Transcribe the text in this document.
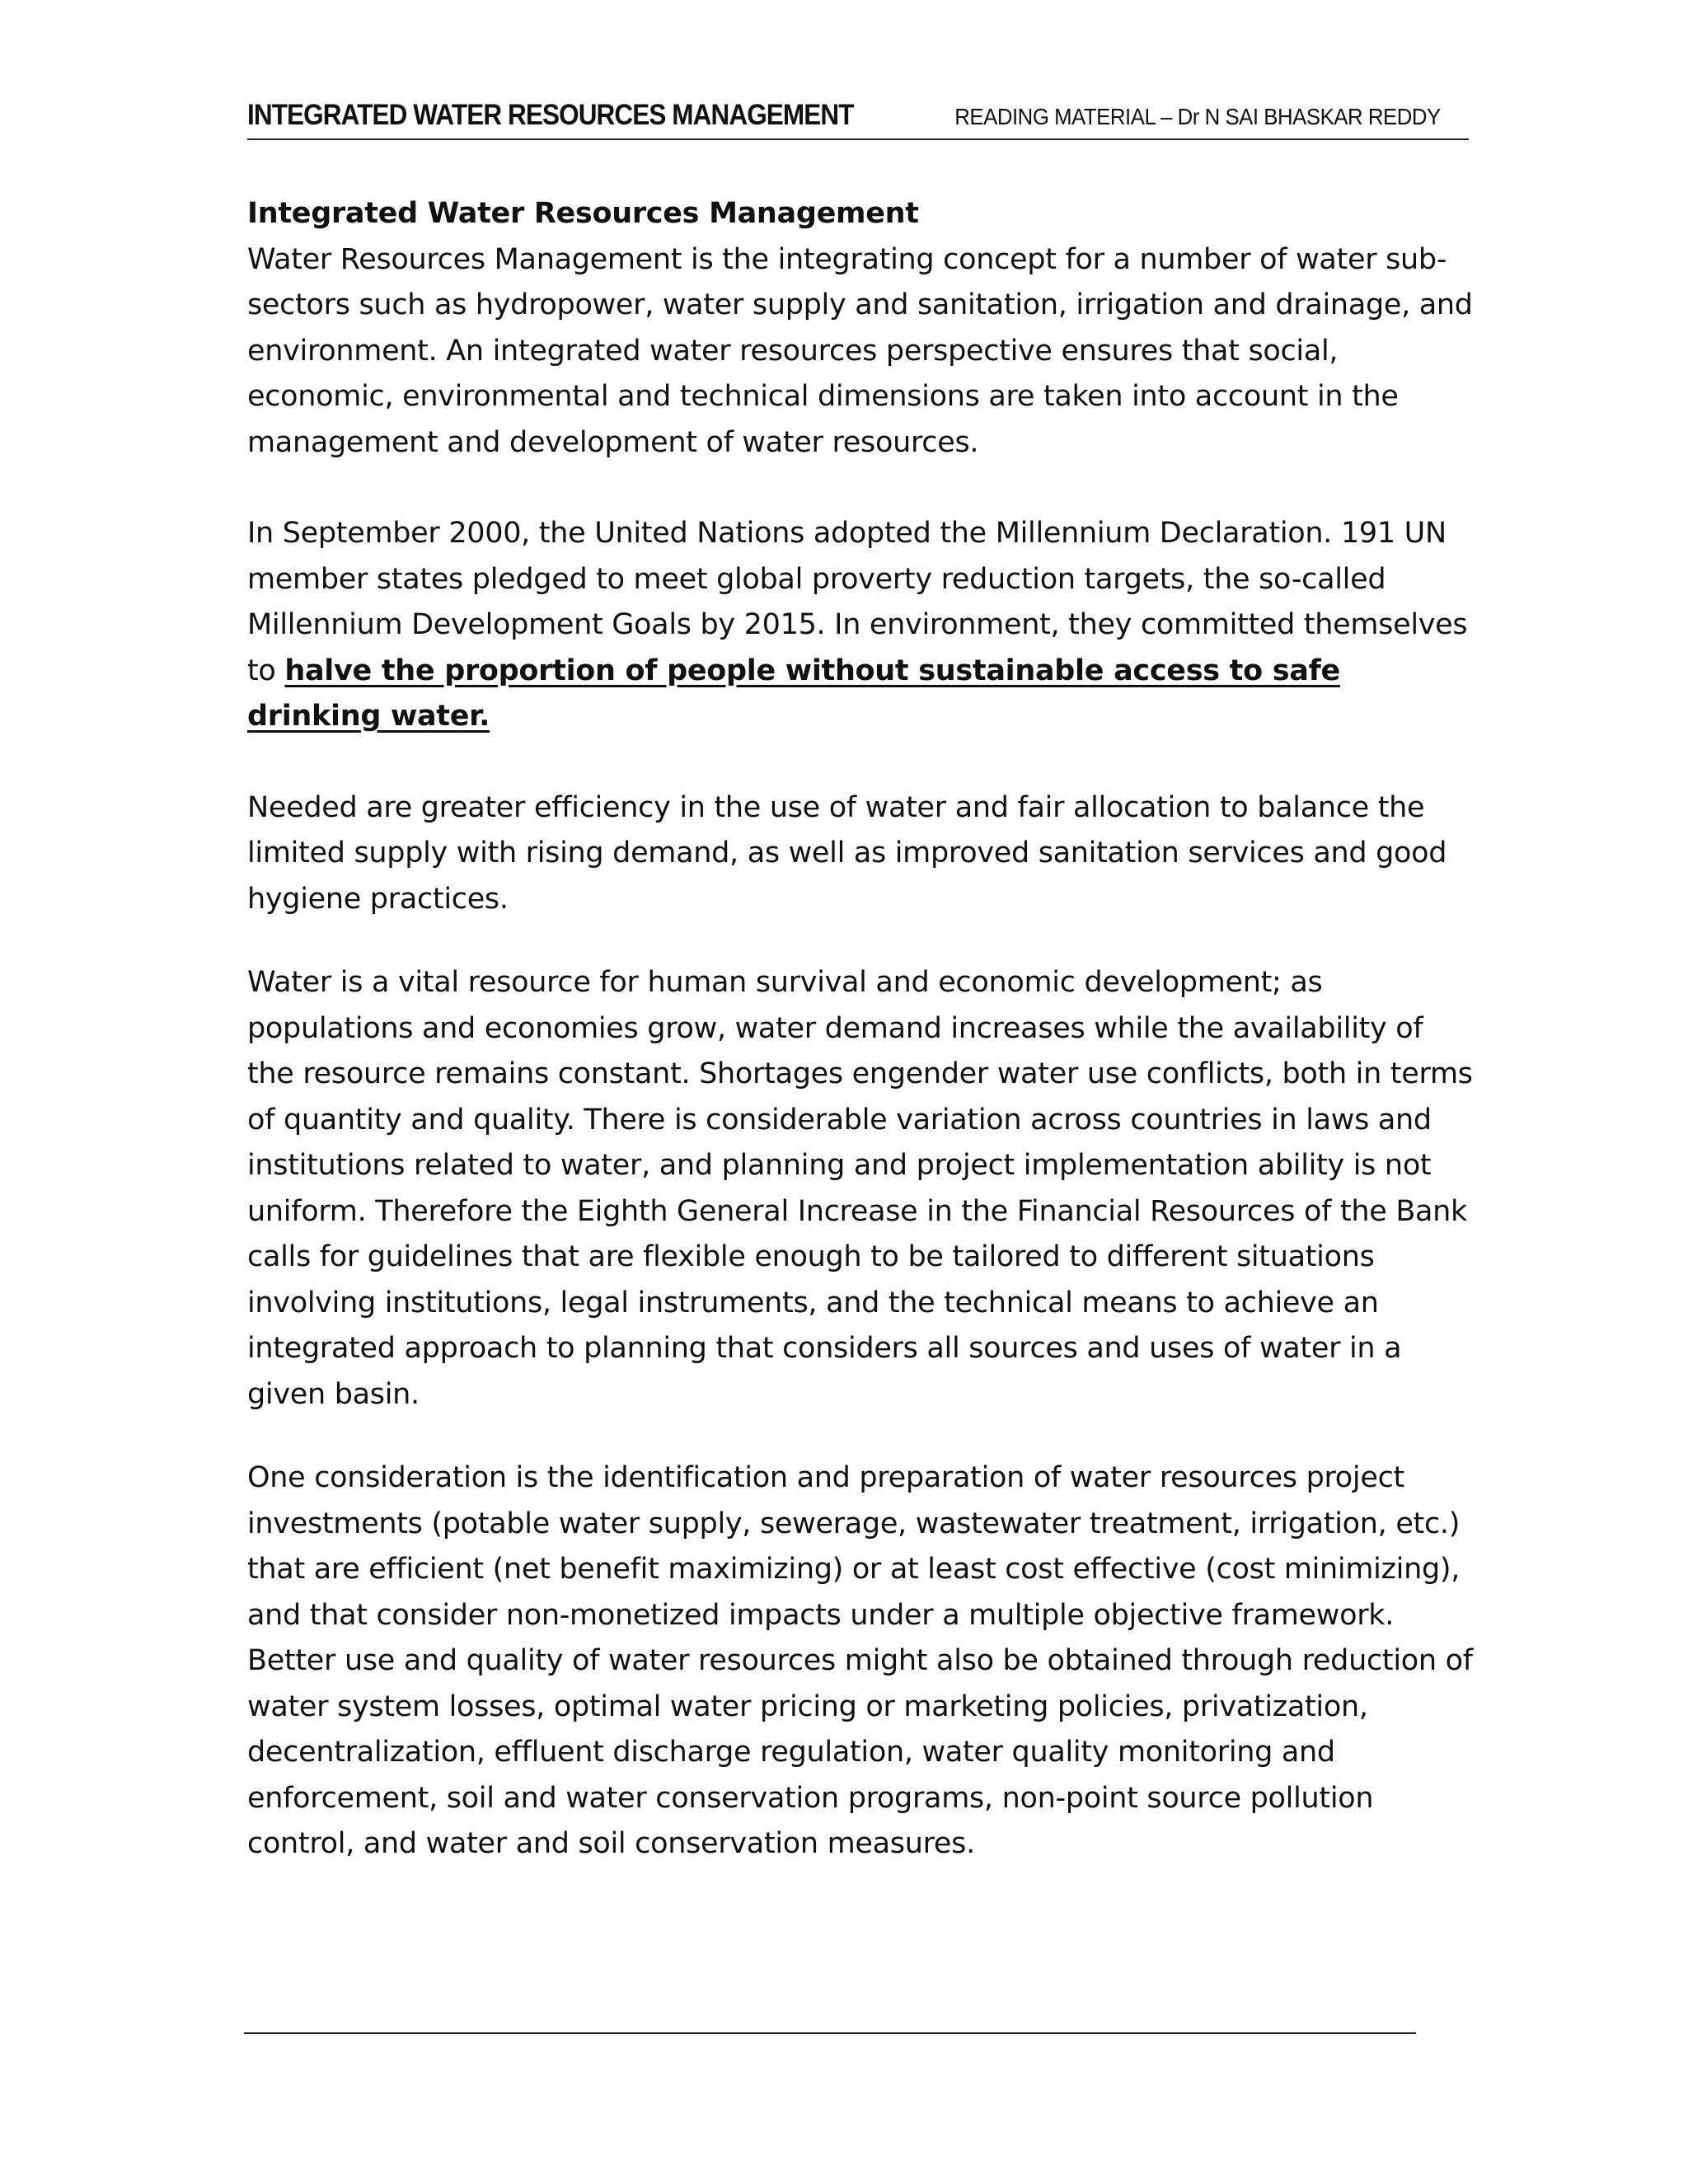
INTEGRATED WATER RESOURCES MANAGEMENT	READING MATERIAL – Dr N SAI BHASKAR REDDY

Integrated Water Resources Management

Water Resources Management is the integrating concept for a number of water sub-sectors such as hydropower, water supply and sanitation, irrigation and drainage, and environment. An integrated water resources perspective ensures that social, economic, environmental and technical dimensions are taken into account in the management and development of water resources.

In September 2000, the United Nations adopted the Millennium Declaration. 191 UN member states pledged to meet global proverty reduction targets, the so-called Millennium Development Goals by 2015. In environment, they committed themselves to halve the proportion of people without sustainable access to safe drinking water.

Needed are greater efficiency in the use of water and fair allocation to balance the limited supply with rising demand, as well as improved sanitation services and good hygiene practices.

Water is a vital resource for human survival and economic development; as populations and economies grow, water demand increases while the availability of the resource remains constant. Shortages engender water use conflicts, both in terms of quantity and quality. There is considerable variation across countries in laws and institutions related to water, and planning and project implementation ability is not uniform. Therefore the Eighth General Increase in the Financial Resources of the Bank calls for guidelines that are flexible enough to be tailored to different situations involving institutions, legal instruments, and the technical means to achieve an integrated approach to planning that considers all sources and uses of water in a given basin.

One consideration is the identification and preparation of water resources project investments (potable water supply, sewerage, wastewater treatment, irrigation, etc.) that are efficient (net benefit maximizing) or at least cost effective (cost minimizing), and that consider non-monetized impacts under a multiple objective framework. Better use and quality of water resources might also be obtained through reduction of water system losses, optimal water pricing or marketing policies, privatization, decentralization, effluent discharge regulation, water quality monitoring and enforcement, soil and water conservation programs, non-point source pollution control, and water and soil conservation measures.
